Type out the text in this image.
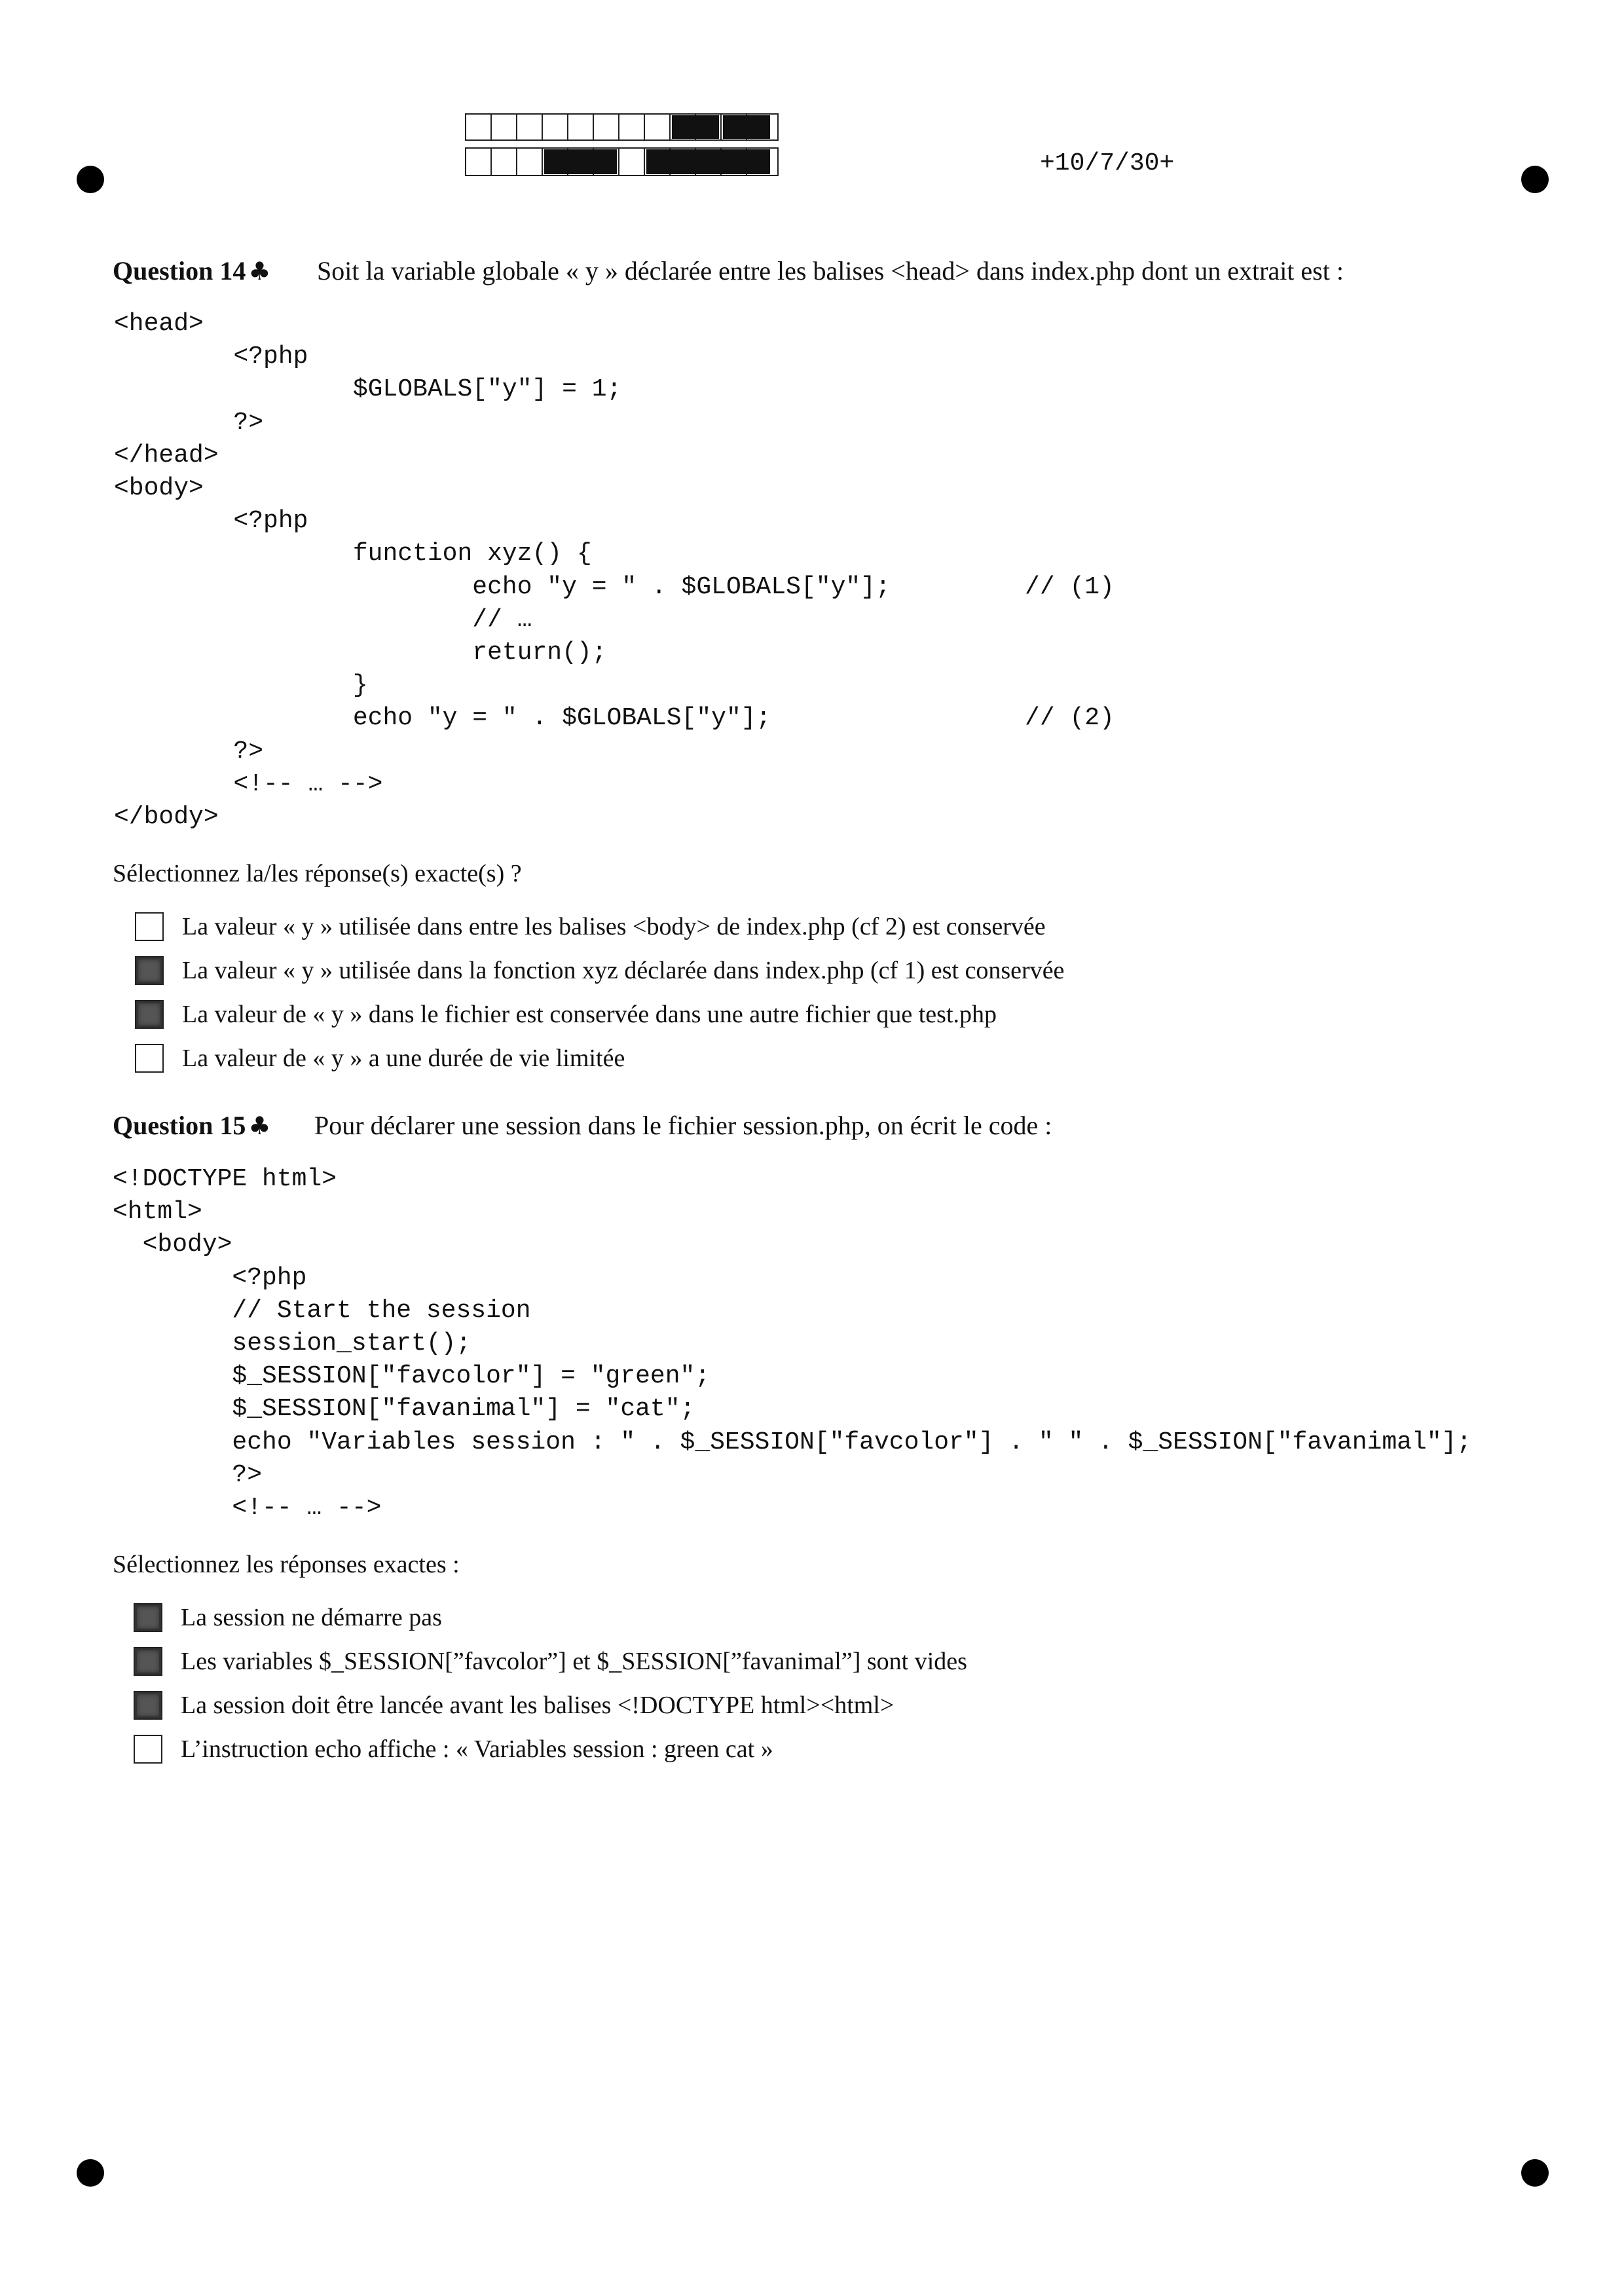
+10/7/30+
Question 14 ♣ Soit la variable globale « y » déclarée entre les balises <head> dans index.php dont un extrait est :
<head>
<?php
$GLOBALS["y"] = 1;
?>
</head>
<body>
<?php
function xyz() {
echo "y = " . $GLOBALS["y"];         // (1)
// …
return();
}
echo "y = " . $GLOBALS["y"];                 // (2)
?>
<!-- … -->
</body>
Sélectionnez la/les réponse(s) exacte(s) ?
La valeur « y » utilisée dans entre les balises <body> de index.php (cf 2) est conservée
La valeur « y » utilisée dans la fonction xyz déclarée dans index.php (cf 1) est conservée
La valeur de « y » dans le fichier est conservée dans une autre fichier que test.php
La valeur de « y » a une durée de vie limitée
Question 15 ♣ Pour déclarer une session dans le fichier session.php, on écrit le code :
<!DOCTYPE html>
<html>
<body>
<?php
// Start the session
session_start();
$_SESSION["favcolor"] = "green";
$_SESSION["favanimal"] = "cat";
echo "Variables session : " . $_SESSION["favcolor"] . " " . $_SESSION["favanimal"];
?>
<!-- … -->
Sélectionnez les réponses exactes :
La session ne démarre pas
Les variables $_SESSION[”favcolor”] et $_SESSION[”favanimal”] sont vides
La session doit être lancée avant les balises <!DOCTYPE html><html>
L’instruction echo affiche : « Variables session : green cat »
